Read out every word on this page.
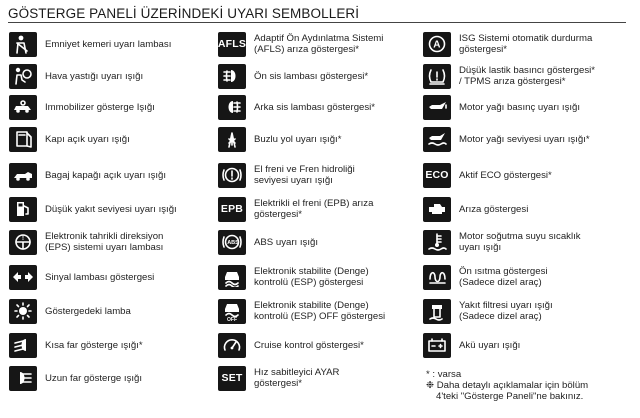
GÖSTERGE PANELİ ÜZERİNDEKİ UYARI SEMBOLLERİ
Emniyet kemeri uyarı lambası
Hava yastığı uyarı ışığı
Immobilizer gösterge Işığı
Kapı açık uyarı ışığı
Bagaj kapağı açık uyarı ışığı
Düşük yakıt seviyesi uyarı ışığı
! Elektronik tahrikli direksiyon
(EPS) sistemi uyarı lambası
Sinyal lambası göstergesi
Göstergedeki lamba
Kısa far gösterge ışığı*
Uzun far gösterge ışığı
AFLS Adaptif Ön Aydınlatma Sistemi
(AFLS) arıza göstergesi*
Ön sis lambası göstergesi*
Arka sis lambası göstergesi*
Buzlu yol uyarı ışığı*
El freni ve Fren hidroliği
seviyesi uyarı ışığı
EPB Elektrikli el freni (EPB) arıza
göstergesi*
ABS ABS uyarı ışığı
Elektronik stabilite (Denge)
kontrolü (ESP) göstergesi
OFF
Elektronik stabilite (Denge)
kontrolü (ESP) OFF göstergesi
Cruise kontrol göstergesi*
SET Hız sabitleyici AYAR
göstergesi*
A
ISG Sistemi otomatik durdurma
göstergesi*
Düşük lastik basıncı göstergesi*
/ TPMS arıza göstergesi*
Motor yağı basınç uyarı ışığı
Motor yağı seviyesi uyarı ışığı*
ECO Aktif ECO göstergesi*
Arıza göstergesi
Motor soğutma suyu sıcaklık
uyarı ışığı
Ön ısıtma göstergesi
(Sadece dizel araç)
Yakıt filtresi uyarı ışığı
(Sadece dizel araç)
Akü uyarı ışığı
* : varsa
❉ Daha detaylı açıklamalar için bölüm
4'teki "Gösterge Paneli"ne bakınız.
